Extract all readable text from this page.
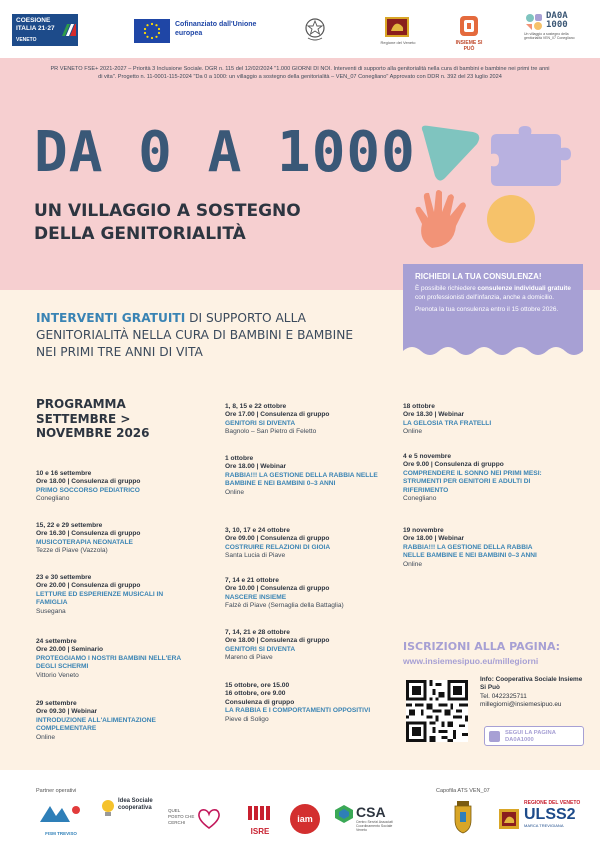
COESIONE ITALIA 21·27
VENETO
Cofinanziato dall'Unione europea
Regione del Veneto	INSIEME SI PUÒ
DA0A 1000
Un villaggio a sostegno della genitorialità VEN_07 Conegliano
PR VENETO FSE+ 2021-2027 – Priorità 3 Inclusione Sociale. DGR n. 115 del 12/02/2024 "1.000 GIORNI DI NOI. Interventi di supporto alla genitorialità nella cura di bambini e bambine nei primi tre anni di vita". Progetto n. 11-0001-115-2024 "Da 0 a 1000: un villaggio a sostegno della genitorialità – VEN_07 Conegliano" Approvato con DDR n. 392 del 23 luglio 2024
DA 0 A 1000
UN VILLAGGIO A SOSTEGNO DELLA GENITORIALITÀ
RICHIEDI LA TUA CONSULENZA!
È possibile richiedere consulenze individuali gratuite con professionisti dell'infanzia, anche a domicilio.
Prenota la tua consulenza entro il 15 ottobre 2026.
INTERVENTI GRATUITI DI SUPPORTO ALLA GENITORIALITÀ NELLA CURA DI BAMBINI E BAMBINE NEI PRIMI TRE ANNI DI VITA
PROGRAMMA SETTEMBRE > NOVEMBRE 2026
10 e 16 settembre
Ore 18.00 | Consulenza di gruppo
PRIMO SOCCORSO PEDIATRICO
Conegliano
15, 22 e 29 settembre
Ore 16.30 | Consulenza di gruppo
MUSICOTERAPIA NEONATALE
Tezze di Piave (Vazzola)
23 e 30 settembre
Ore 20.00 | Consulenza di gruppo
LETTURE ED ESPERIENZE MUSICALI IN FAMIGLIA
Susegana
24 settembre
Ore 20.00 | Seminario
PROTEGGIAMO I NOSTRI BAMBINI NELL'ERA DEGLI SCHERMI
Vittorio Veneto
29 settembre
Ore 09.30 | Webinar
INTRODUZIONE ALL'ALIMENTAZIONE COMPLEMENTARE
Online
1, 8, 15 e 22 ottobre
Ore 17.00 | Consulenza di gruppo
GENITORI SI DIVENTA
Bagnolo – San Pietro di Feletto
1 ottobre
Ore 18.00 | Webinar
RABBIA!!! LA GESTIONE DELLA RABBIA NELLE BAMBINE E NEI BAMBINI 0–3 ANNI
Online
3, 10, 17 e 24 ottobre
Ore 09.00 | Consulenza di gruppo
COSTRUIRE RELAZIONI DI GIOIA
Santa Lucia di Piave
7, 14 e 21 ottobre
Ore 10.00 | Consulenza di gruppo
NASCERE INSIEME
Falzè di Piave (Sernaglia della Battaglia)
7, 14, 21 e 28 ottobre
Ore 18.00 | Consulenza di gruppo
GENITORI SI DIVENTA
Mareno di Piave
15 ottobre, ore 15.00
16 ottobre, ore 9.00
Consulenza di gruppo
LA RABBIA E I COMPORTAMENTI OPPOSITIVI
Pieve di Soligo
18 ottobre
Ore 18.30 | Webinar
LA GELOSIA TRA FRATELLI
Online
4 e 5 novembre
Ore 9.00 | Consulenza di gruppo
COMPRENDERE IL SONNO NEI PRIMI MESI: STRUMENTI PER GENITORI E ADULTI DI RIFERIMENTO
Conegliano
19 novembre
Ore 18.00 | Webinar
RABBIA!!! LA GESTIONE DELLA RABBIA NELLE BAMBINE E NEI BAMBINI 0–3 ANNI
Online
ISCRIZIONI ALLA PAGINA:
www.insiemesipuo.eu/millegiorni
Info: Cooperativa Sociale Insieme Si Può
Tel. 0422325711
millegiorni@insiemesipuo.eu
SEGUI LA PAGINA DA0A1000
Partner operativi	Capofila ATS VEN_07
FISM TREVISO
Idea Sociale cooperativa	QUEL POSTO CHE CERCHI
ISRE
iam	CSA
Centro Servizi Associati Coordinamento Sociale Veneto
REGIONE DEL VENETO
ULSS2
MARCA TREVIGIANA
